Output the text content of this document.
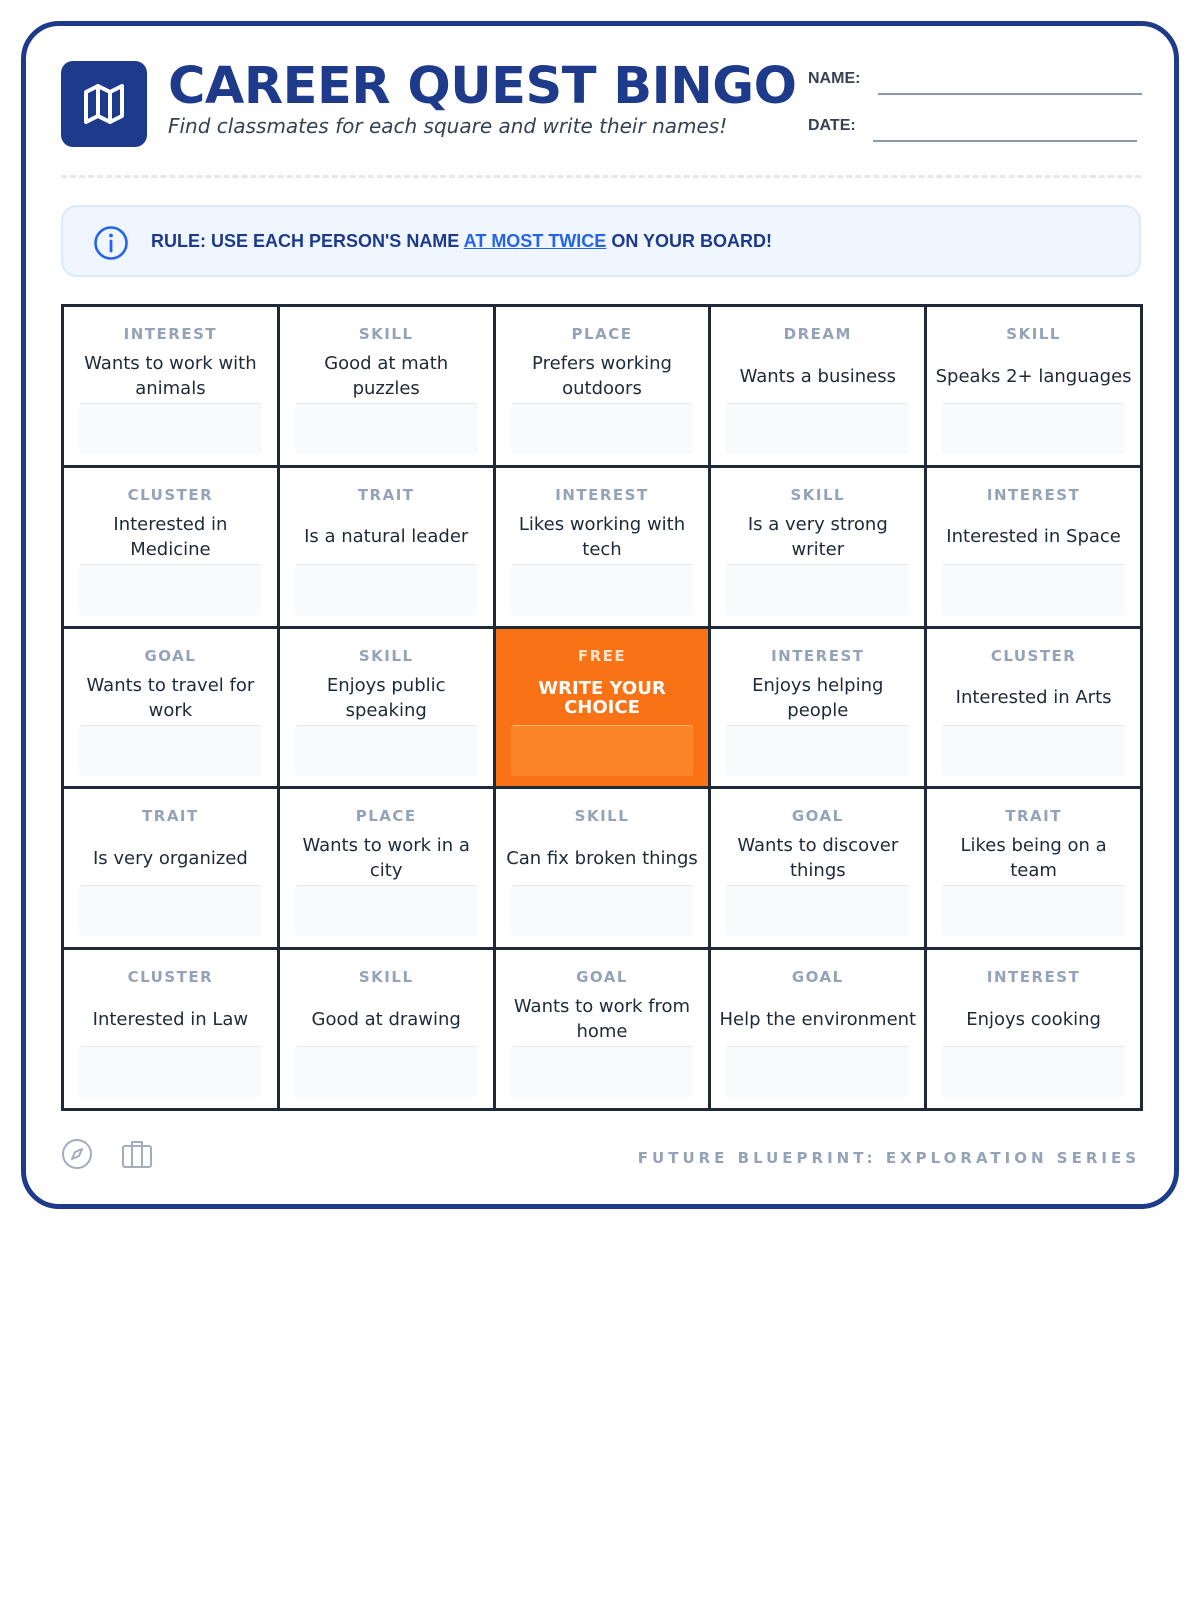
CAREER QUEST BINGO
Find classmates for each square and write their names!
NAME:
DATE:
RULE: USE EACH PERSON'S NAME AT MOST TWICE ON YOUR BOARD!
INTEREST
Wants to work with animals
SKILL
Good at math puzzles
PLACE
Prefers working outdoors
DREAM
Wants a business
SKILL
Speaks 2+ languages
CLUSTER
Interested in Medicine
TRAIT
Is a natural leader
INTEREST
Likes working with tech
SKILL
Is a very strong writer
INTEREST
Interested in Space
GOAL
Wants to travel for work
SKILL
Enjoys public speaking
FREE
WRITE YOUR CHOICE
INTEREST
Enjoys helping people
CLUSTER
Interested in Arts
TRAIT
Is very organized
PLACE
Wants to work in a city
SKILL
Can fix broken things
GOAL
Wants to discover things
TRAIT
Likes being on a team
CLUSTER
Interested in Law
SKILL
Good at drawing
GOAL
Wants to work from home
GOAL
Help the environment
INTEREST
Enjoys cooking
FUTURE BLUEPRINT: EXPLORATION SERIES
